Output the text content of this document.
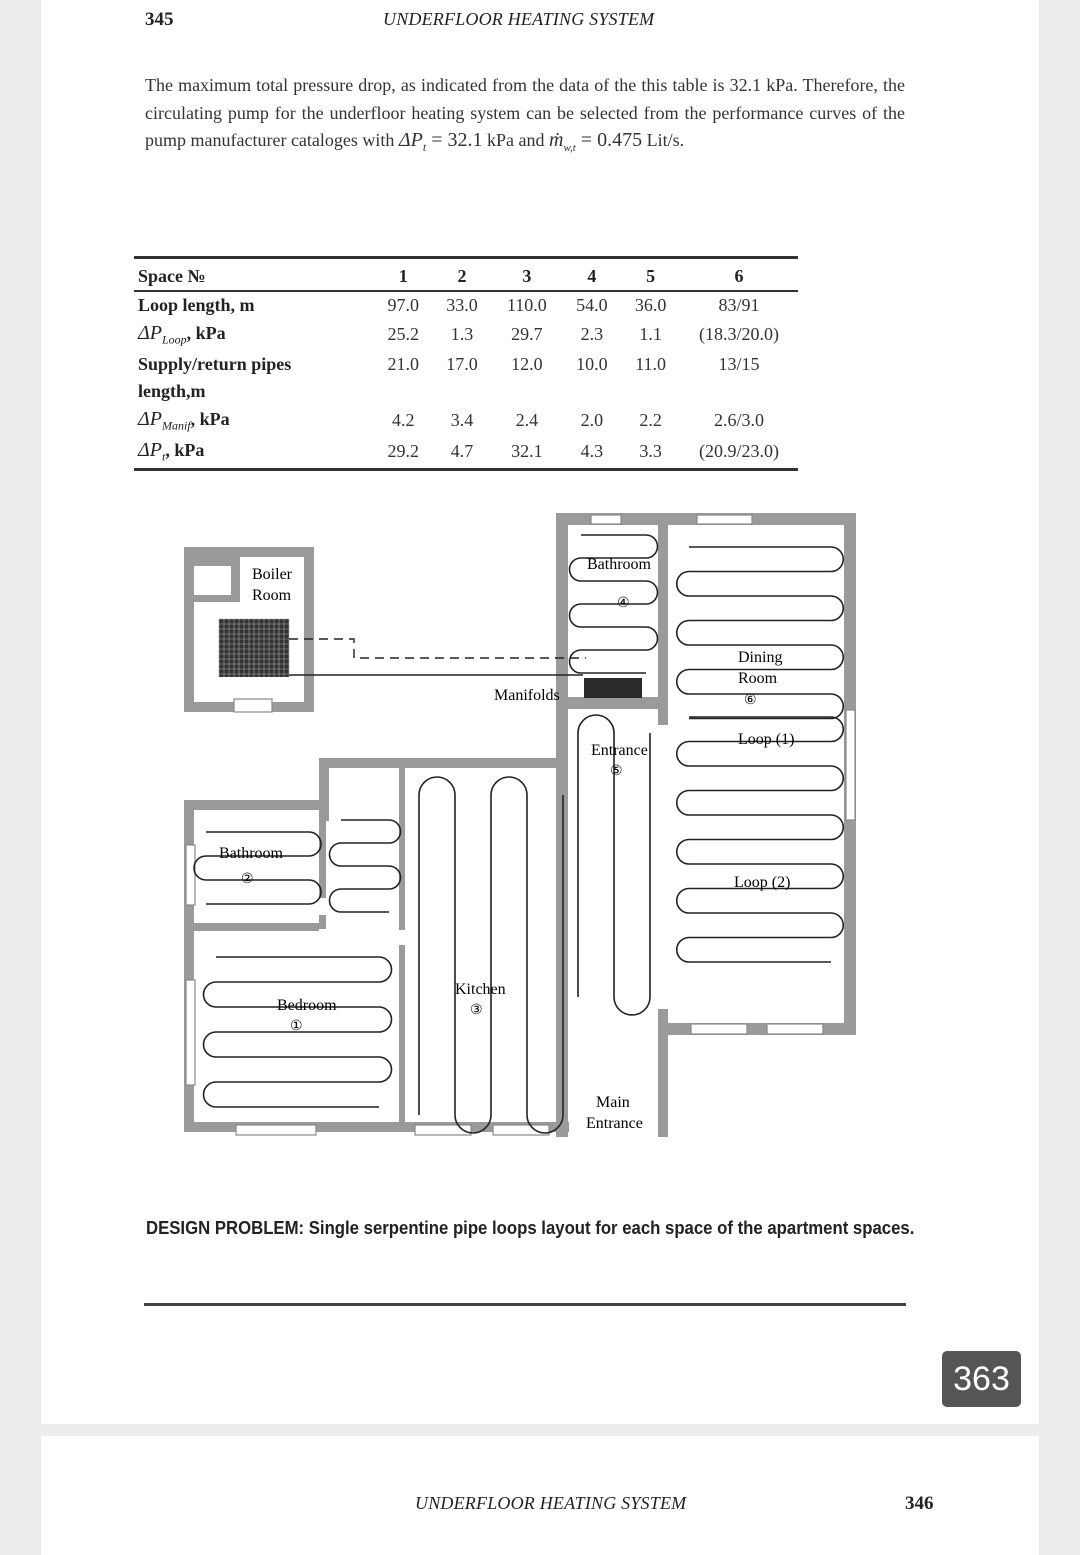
345	UNDERFLOOR HEATING SYSTEM

The maximum total pressure drop, as indicated from the data of the this table is 32.1 kPa. Therefore, the circulating pump for the underfloor heating system can be selected from the performance curves of the pump manufacturer cataloges with $\Delta P_t = 32.1$ kPa and ṁ$_{w,t}$ = 0.475 Lit/s.

Space №	1	2	3	4	5	6
Loop length, m	97.0	33.0	110.0	54.0	36.0	83/91
$\Delta P_{Loop}$, kPa	25.2	1.3	29.7	2.3	1.1	(18.3/20.0)
Supply/return pipes	21.0	17.0	12.0	10.0	11.0	13/15
length,m						
$\Delta P_{Manif}$, kPa	4.2	3.4	2.4	2.0	2.2	2.6/3.0
$\Delta P_t$, kPa	29.2	4.7	32.1	4.3	3.3	(20.9/23.0)
Boiler
Room
Manifolds
Bathroom
④
Dining
Room
⑥
Loop (1)
Loop (2)
Entrance
⑤
Bathroom
②
Bedroom
①
Kitchen
③
Main
Entrance
DESIGN PROBLEM: Single serpentine pipe loops layout for each space of the apartment spaces.
363
UNDERFLOOR HEATING SYSTEM	346
